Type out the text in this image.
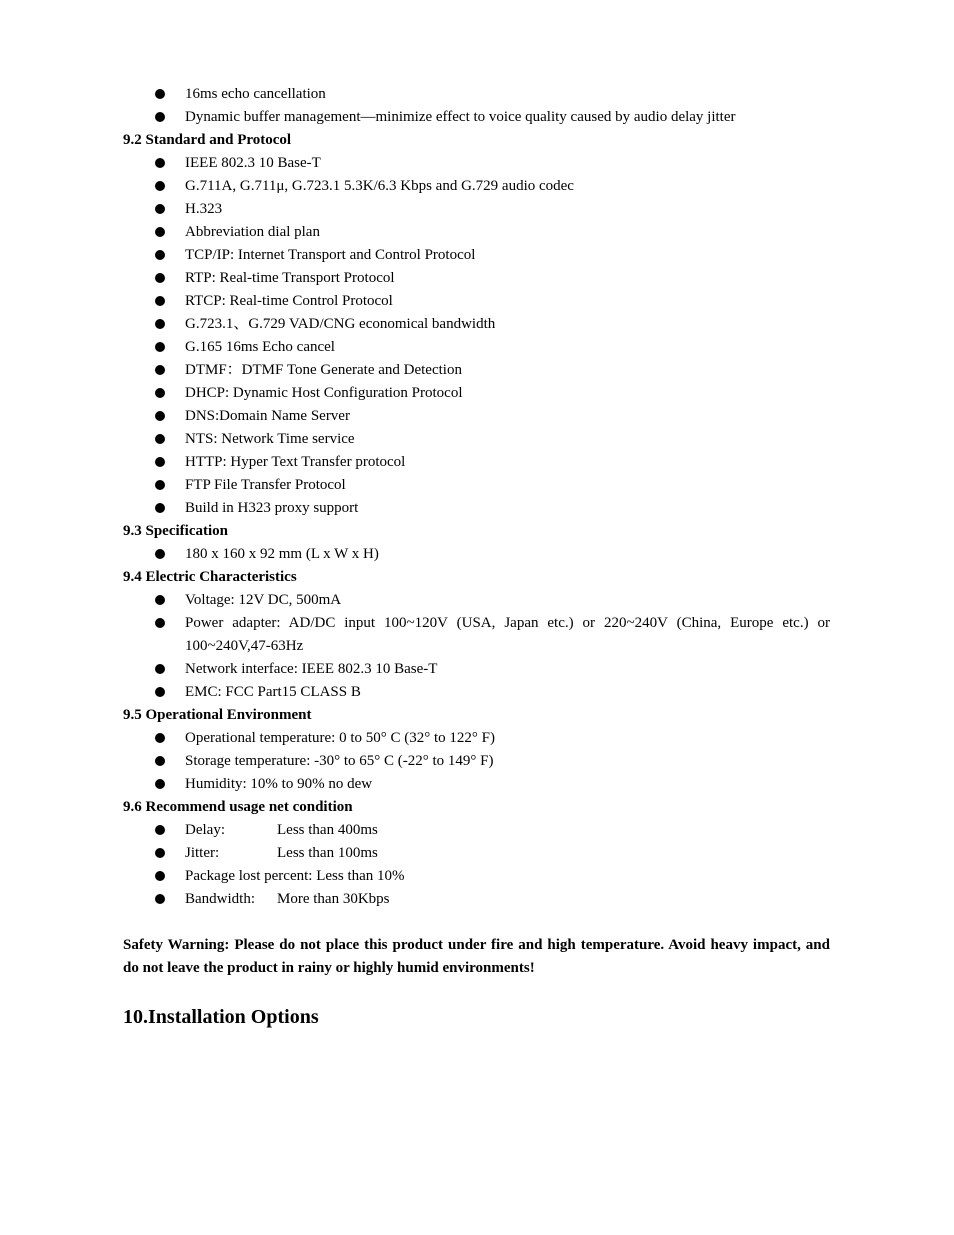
16ms echo cancellation
Dynamic buffer management—minimize effect to voice quality caused by audio delay jitter

9.2 Standard and Protocol

IEEE 802.3 10 Base-T
G.711A, G.711μ, G.723.1 5.3K/6.3 Kbps and G.729 audio codec
H.323
Abbreviation dial plan
TCP/IP: Internet Transport and Control Protocol
RTP: Real-time Transport Protocol
RTCP: Real-time Control Protocol
G.723.1、G.729 VAD/CNG economical bandwidth
G.165 16ms Echo cancel
DTMF：DTMF Tone Generate and Detection
DHCP: Dynamic Host Configuration Protocol
DNS:Domain Name Server
NTS: Network Time service
HTTP: Hyper Text Transfer protocol
FTP File Transfer Protocol
Build in H323 proxy support

9.3 Specification

180 x 160 x 92 mm (L x W x H)

9.4 Electric Characteristics

Voltage: 12V DC, 500mA
Power adapter: AD/DC input 100~120V (USA, Japan etc.) or 220~240V (China, Europe etc.) or 100~240V,47-63Hz
Network interface: IEEE 802.3 10 Base-T
EMC: FCC Part15 CLASS B

9.5 Operational Environment

Operational temperature: 0 to 50° C (32° to 122° F)
Storage temperature: -30° to 65° C (-22° to 149° F)
Humidity: 10% to 90% no dew

9.6 Recommend usage net condition

Delay:	Less than 400ms
Jitter:	Less than 100ms
Package lost percent: Less than 10%
Bandwidth: More than 30Kbps

Safety Warning: Please do not place this product under fire and high temperature. Avoid heavy impact, and do not leave the product in rainy or highly humid environments!

10.Installation Options
